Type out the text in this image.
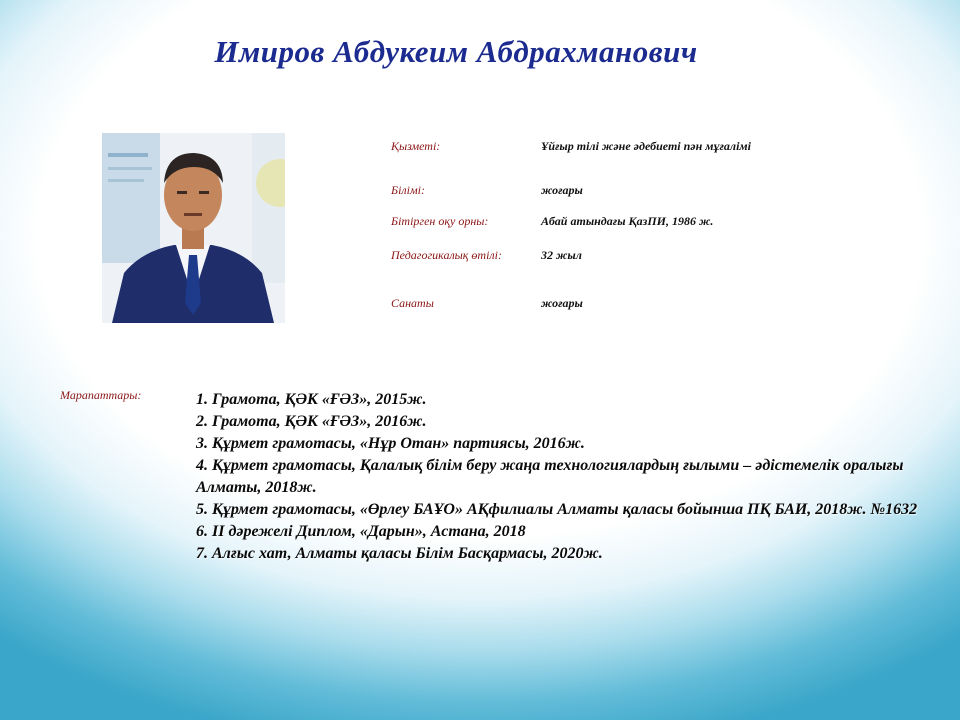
Имиров Абдукеим Абдрахманович
Қызметі:	Ұйғыр тілі және әдебиеті пән мұғалімі
Білімі:	жоғары
Бітірген оқу орны:	Абай атындағы ҚазПИ, 1986 ж.
Педагогикалық өтілі:	32 жыл
Санаты	жоғары
Марапаттары:	1. Грамота, ҚӘК «ҒӘЗ», 2015ж.
2. Грамота, ҚӘК «ҒӘЗ», 2016ж.
3. Құрмет грамотасы, «Нұр Отан» партиясы, 2016ж.
4. Құрмет грамотасы, Қалалық білім беру жаңа технологиялардың ғылыми – әдістемелік оралығы Алматы, 2018ж.
5. Құрмет грамотасы, «Өрлеу БАҰО» АҚфилиалы Алматы қаласы бойынша ПҚ БАИ, 2018ж. №1632
6. ІІ дәрежелі Диплом, «Дарын», Астана, 2018
7. Алғыс хат, Алматы қаласы Білім Басқармасы, 2020ж.
